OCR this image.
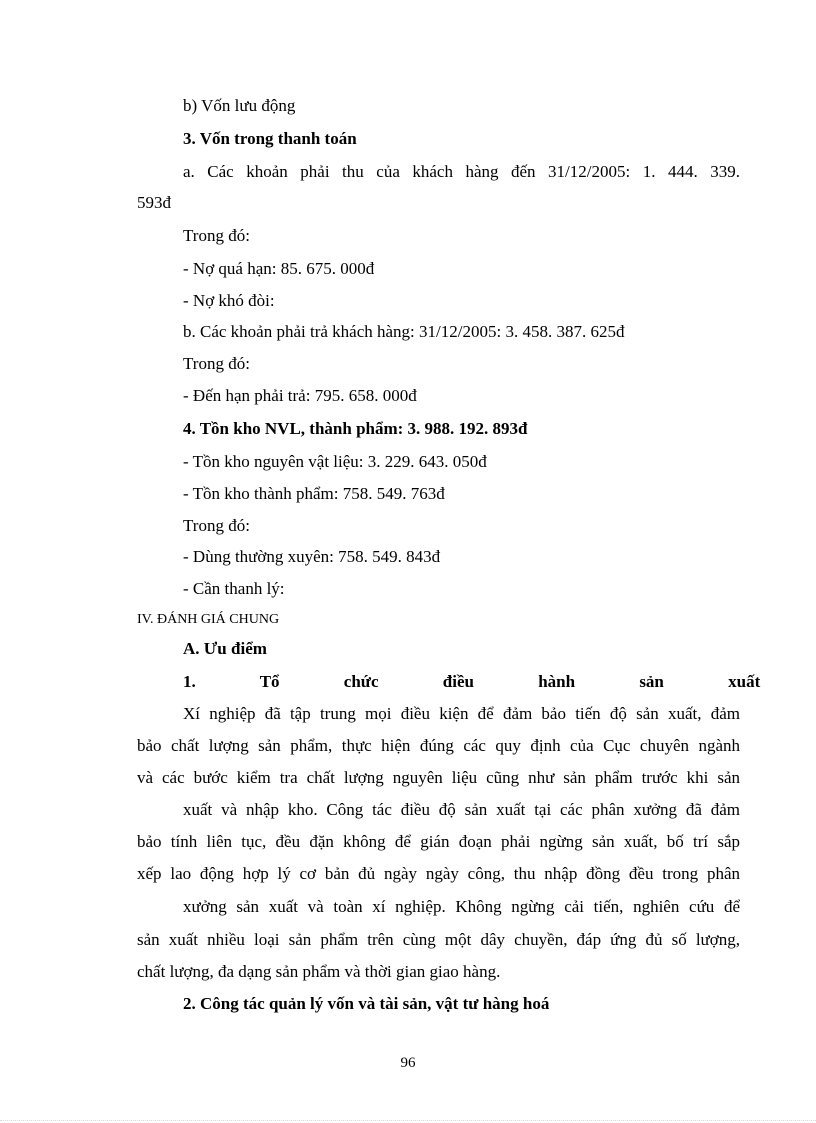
b) Vốn lưu động
3. Vốn trong thanh toán
a. Các khoản phải thu của khách hàng đến 31/12/2005: 1. 444. 339.
593đ
Trong đó:
- Nợ quá hạn: 85. 675. 000đ
- Nợ khó đòi:
b. Các khoản phải trả khách hàng: 31/12/2005: 3. 458. 387. 625đ
Trong đó:
- Đến hạn phải trả: 795. 658. 000đ
4. Tồn kho NVL, thành phẩm: 3. 988. 192. 893đ
- Tồn kho nguyên vật liệu: 3. 229. 643. 050đ
- Tồn kho thành phẩm: 758. 549. 763đ
Trong đó:
- Dùng thường xuyên: 758. 549. 843đ
- Cần thanh lý:
IV. ĐÁNH GIÁ CHUNG
A. Ưu điểm
1. Tổ chức điều hành sản xuất
Xí nghiệp đã tập trung mọi điều kiện để đảm bảo tiến độ sản xuất, đảm
bảo chất lượng sản phẩm, thực hiện đúng các quy định của Cục chuyên ngành
và các bước kiểm tra chất lượng nguyên liệu cũng như sản phẩm trước khi sản
xuất và nhập kho. Công tác điều độ sản xuất tại các phân xưởng đã đảm
bảo tính liên tục, đều đặn không để gián đoạn phải ngừng sản xuất, bố trí sắp
xếp lao động hợp lý cơ bản đủ ngày ngày công, thu nhập đồng đều trong phân
xưởng sản xuất và toàn xí nghiệp. Không ngừng cải tiến, nghiên cứu để
sản xuất nhiều loại sản phẩm trên cùng một dây chuyền, đáp ứng đủ số lượng,
chất lượng, đa dạng sản phẩm và thời gian giao hàng.
2. Công tác quản lý vốn và tài sản, vật tư hàng hoá
96
